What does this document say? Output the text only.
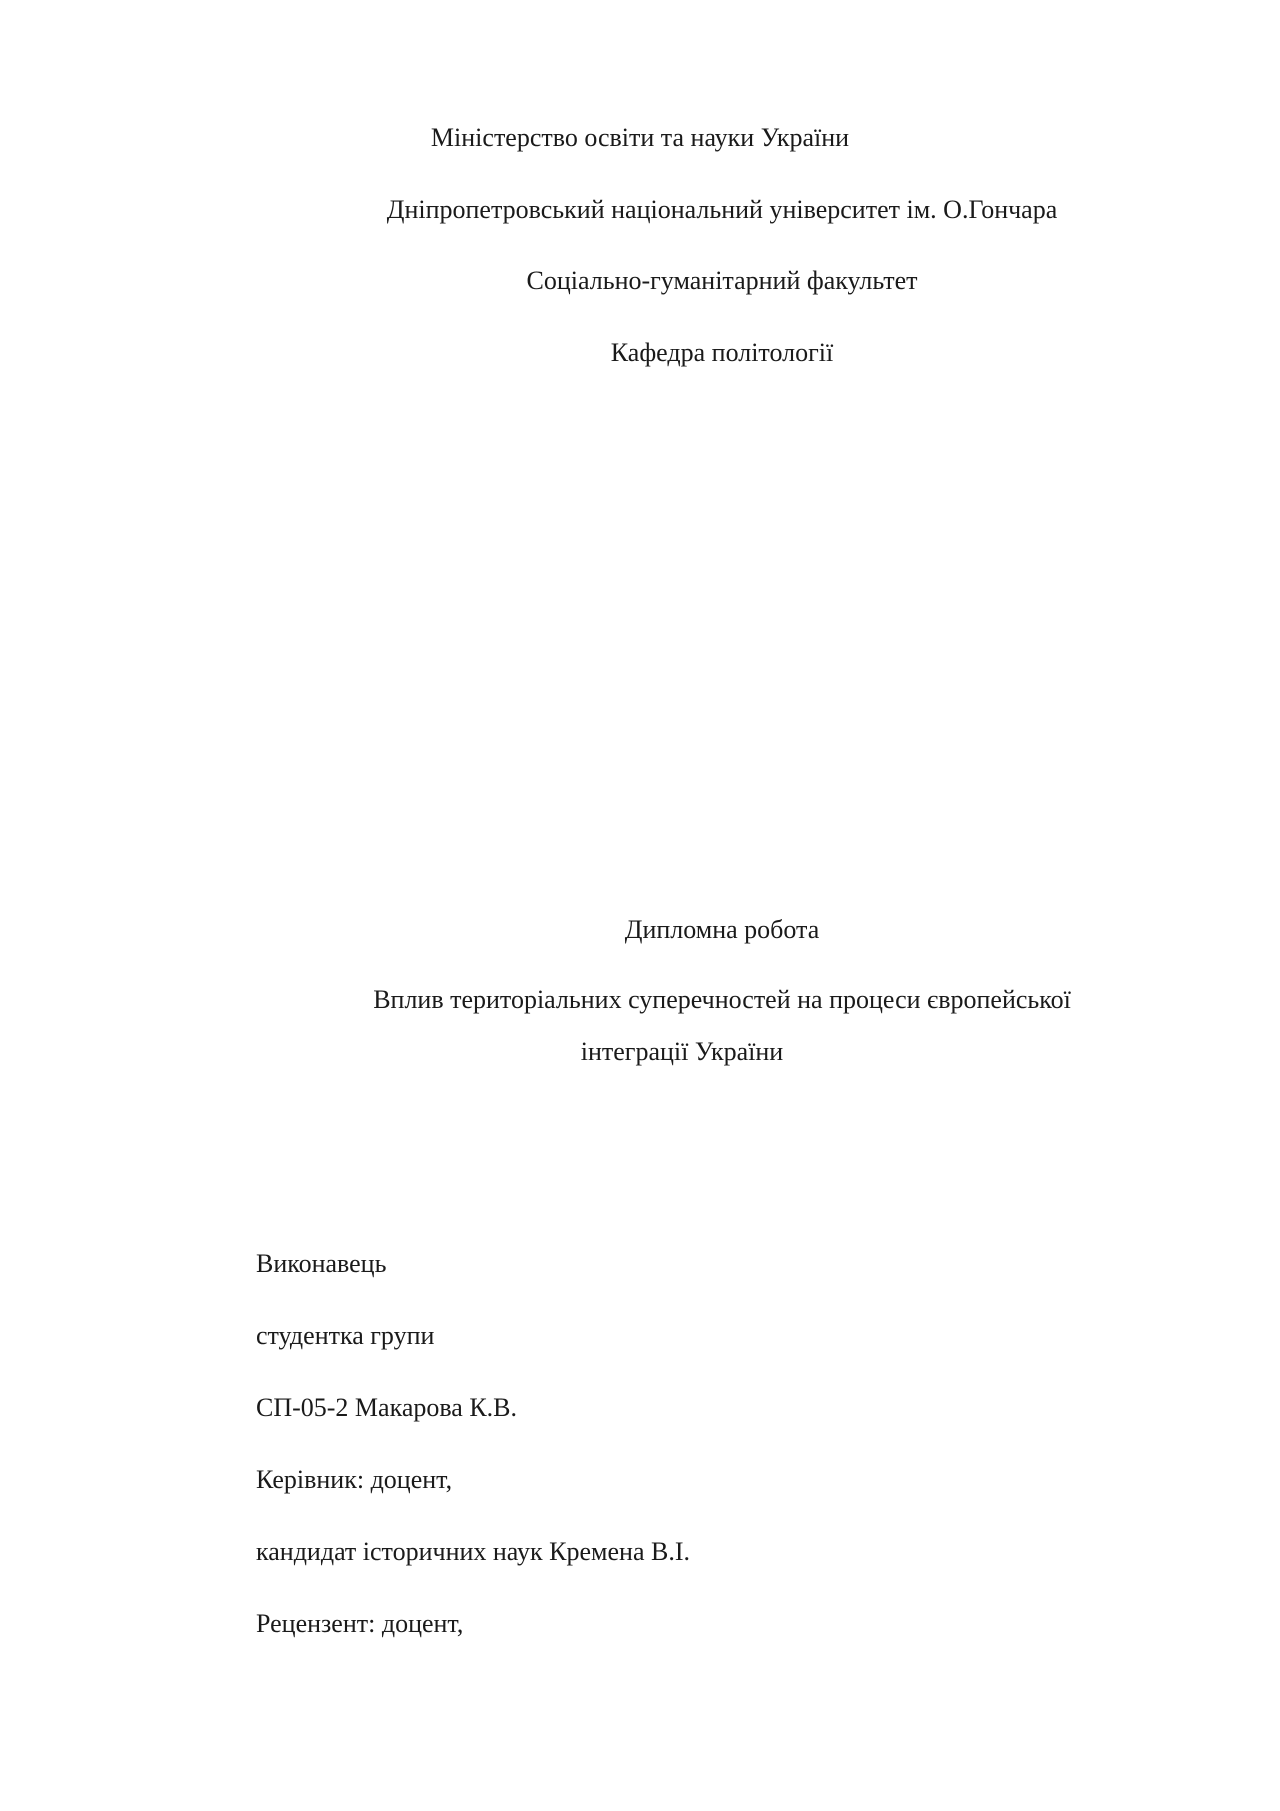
Міністерство освіти та науки України
Дніпропетровський національний університет ім. О.Гончара
Соціально-гуманітарний факультет
Кафедра політології
Дипломна робота
Вплив територіальних суперечностей на процеси європейської
інтеграції України
Виконавець
студентка групи
СП-05-2 Макарова К.В.
Керівник: доцент,
кандидат історичних наук Кремена В.І.
Рецензент: доцент,
